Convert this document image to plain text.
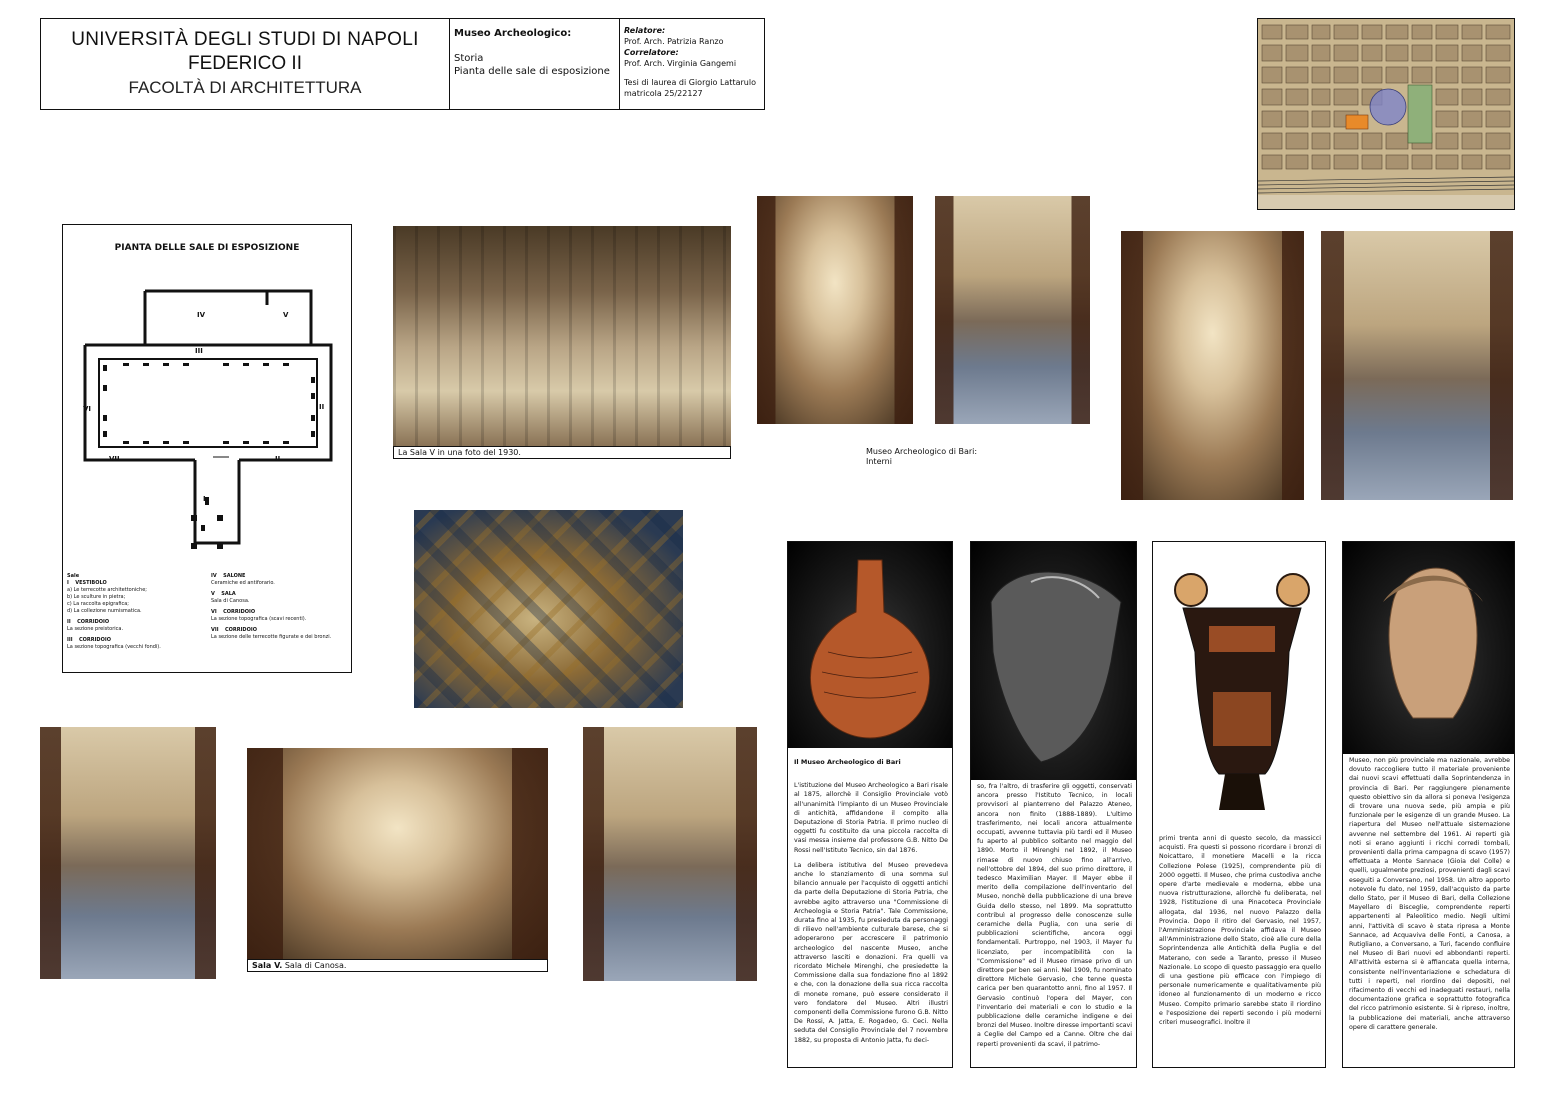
UNIVERSITÀ DEGLI STUDI DI NAPOLI
FEDERICO II
FACOLTÀ DI ARCHITETTURA
Museo Archeologico:
Storia
Pianta delle sale di esposizione
Relatore:
Prof. Arch. Patrizia Ranzo
Correlatore:
Prof. Arch. Virginia Gangemi
Tesi di laurea di Giorgio Lattarulo
matricola 25/22127
PIANTA DELLE SALE DI ESPOSIZIONE
IV	V
III
VI	II
VII	II
I
Sale
I VESTIBOLO
a) Le terrecotte architettoniche;
b) Le sculture in pietra;
c) La raccolta epigrafica;
d) La collezione numismatica.
II CORRIDOIO
La sezione preistorica.
III CORRIDOIO
La sezione topografica (vecchi fondi).
IV SALONE
Ceramiche ed antiforario.
V SALA
Sala di Canosa.
VI CORRIDOIO
La sezione topografica (scavi recenti).
VII CORRIDOIO
La sezione delle terrecotte figurate e dei bronzi.
La Sala V in una foto del 1930.	Museo Archeologico di Bari:
Interni
Sala V. Sala di Canosa.
Il Museo Archeologico di Bari
L'istituzione del Museo Archeologico a Bari risale al 1875, allorchè il Consiglio Provinciale votò all'unanimità l'impianto di un Museo Provinciale di antichità, affidandone il compito alla Deputazione di Storia Patria. Il primo nucleo di oggetti fu costituito da una piccola raccolta di vasi messa insieme dal professore G.B. Nitto De Rossi nell'Istituto Tecnico, sin dal 1876.
La delibera istitutiva del Museo prevedeva anche lo stanziamento di una somma sul bilancio annuale per l'acquisto di oggetti antichi da parte della Deputazione di Storia Patria, che avrebbe agito attraverso una "Commissione di Archeologia e Storia Patria". Tale Commissione, durata fino al 1935, fu presieduta da personaggi di rilievo nell'ambiente culturale barese, che si adoperarono per accrescere il patrimonio archeologico del nascente Museo, anche attraverso lasciti e donazioni. Fra quelli va ricordato Michele Mirenghi, che presiedette la Commissione dalla sua fondazione fino al 1892 e che, con la donazione della sua ricca raccolta di monete romane, può essere considerato il vero fondatore del Museo. Altri illustri componenti della Commissione furono G.B. Nitto De Rossi, A. Jatta, E. Rogadeo, G. Ceci. Nella seduta del Consiglio Provinciale del 7 novembre 1882, su proposta di Antonio Jatta, fu deci-
so, fra l'altro, di trasferire gli oggetti, conservati ancora presso l'Istituto Tecnico, in locali provvisori al pianterreno del Palazzo Ateneo, ancora non finito (1888-1889). L'ultimo trasferimento, nei locali ancora attualmente occupati, avvenne tuttavia più tardi ed il Museo fu aperto al pubblico soltanto nel maggio del 1890. Morto il Mirenghi nel 1892, il Museo rimase di nuovo chiuso fino all'arrivo, nell'ottobre del 1894, del suo primo direttore, il tedesco Maximilian Mayer. Il Mayer ebbe il merito della compilazione dell'inventario del Museo, nonchè della pubblicazione di una breve Guida dello stesso, nel 1899. Ma soprattutto contribuì al progresso delle conoscenze sulle ceramiche della Puglia, con una serie di pubblicazioni scientifiche, ancora oggi fondamentali. Purtroppo, nel 1903, il Mayer fu licenziato, per incompatibilità con la "Commissione" ed il Museo rimase privo di un direttore per ben sei anni. Nel 1909, fu nominato direttore Michele Gervasio, che tenne questa carica per ben quarantotto anni, fino al 1957. Il Gervasio continuò l'opera del Mayer, con l'inventario dei materiali e con lo studio e la pubblicazione delle ceramiche indigene e dei bronzi del Museo. Inoltre diresse importanti scavi a Ceglie del Campo ed a Canne. Oltre che dai reperti provenienti da scavi, il patrimo-
primi trenta anni di questo secolo, da massicci acquisti. Fra questi si possono ricordare i bronzi di Noicattaro, il monetiere Macelli e la ricca Collezione Polese (1925), comprendente più di 2000 oggetti. Il Museo, che prima custodiva anche opere d'arte medievale e moderna, ebbe una nuova ristrutturazione, allorchè fu deliberata, nel 1928, l'istituzione di una Pinacoteca Provinciale allogata, dal 1936, nel nuovo Palazzo della Provincia. Dopo il ritiro del Gervasio, nel 1957, l'Amministrazione Provinciale affidava il Museo all'Amministrazione dello Stato, cioè alle cure della Soprintendenza alle Antichità della Puglia e del Materano, con sede a Taranto, presso il Museo Nazionale. Lo scopo di questo passaggio era quello di una gestione più efficace con l'impiego di personale numericamente e qualitativamente più idoneo al funzionamento di un moderno e ricco Museo. Compito primario sarebbe stato il riordino e l'esposizione dei reperti secondo i più moderni criteri museografici. Inoltre il
Museo, non più provinciale ma nazionale, avrebbe dovuto raccogliere tutto il materiale proveniente dai nuovi scavi effettuati dalla Soprintendenza in provincia di Bari. Per raggiungere pienamente questo obiettivo sin da allora si poneva l'esigenza di trovare una nuova sede, più ampia e più funzionale per le esigenze di un grande Museo. La riapertura del Museo nell'attuale sistemazione avvenne nel settembre del 1961. Ai reperti già noti si erano aggiunti i ricchi corredi tombali, provenienti dalla prima campagna di scavo (1957) effettuata a Monte Sannace (Gioia del Colle) e quelli, ugualmente preziosi, provenienti dagli scavi eseguiti a Conversano, nel 1958. Un altro apporto notevole fu dato, nel 1959, dall'acquisto da parte dello Stato, per il Museo di Bari, della Collezione Mayellaro di Bisceglie, comprendente reperti appartenenti al Paleolitico medio. Negli ultimi anni, l'attività di scavo è stata ripresa a Monte Sannace, ad Acquaviva delle Fonti, a Canosa, a Rutigliano, a Conversano, a Turi, facendo confluire nel Museo di Bari nuovi ed abbondanti reperti. All'attività esterna si è affiancata quella interna, consistente nell'inventariazione e schedatura di tutti i reperti, nel riordino dei depositi, nel rifacimento di vecchi ed inadeguati restauri, nella documentazione grafica e soprattutto fotografica del ricco patrimonio esistente. Si è ripreso, inoltre, la pubblicazione dei materiali, anche attraverso opere di carattere generale.
